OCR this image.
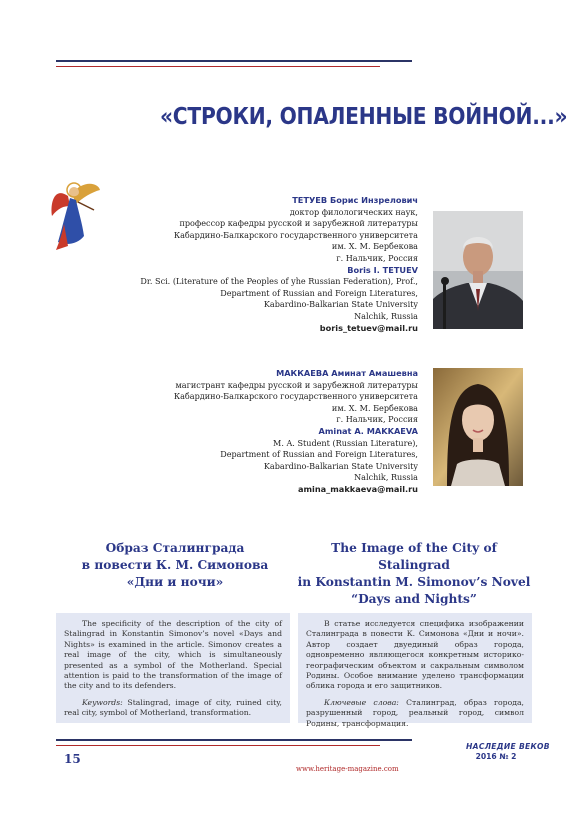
«СТРОКИ, ОПАЛЕННЫЕ ВОЙНОЙ...»
ТЕТУЕВ Борис Инзрелович
доктор филологических наук,
профессор кафедры русской и зарубежной литературы
Кабардино-Балкарского государственного университета
им. Х. М. Бербекова
г. Нальчик, Россия
Boris I. TETUEV
Dr. Sci. (Literature of the Peoples of yhe Russian Federation), Prof.,
Department of Russian and Foreign Literatures,
Kabardino-Balkarian State University
Nalchik, Russia
boris_tetuev@mail.ru
МАККАЕВА Аминат Амашевна
магистрант кафедры русской и зарубежной литературы
Кабардино-Балкарского государственного университета
им. Х. М. Бербекова
г. Нальчик, Россия
Aminat A. MAKKAEVA
M. A. Student (Russian Literature),
Department of Russian and Foreign Literatures,
Kabardino-Balkarian State University
Nalchik, Russia
amina_makkaeva@mail.ru
Образ Сталинграда
в повести К. М. Симонова
«Дни и ночи»
The Image of the City of Stalingrad
in Konstantin M. Simonov’s Novel
“Days and Nights”

The specificity of the description of the city of Stalingrad in Konstantin Simonov’s novel «Days and Nights» is examined in the article. Simonov creates a real image of the city, which is simultaneously presented as a symbol of the Motherland. Special attention is paid to the transformation of the image of the city and to its defenders.

Keywords: Stalingrad, image of city, ruined city, real city, symbol of Motherland, transformation.

В статье исследуется специфика изображении Сталинграда в повести К. Симонова «Дни и ночи». Автор создает двуединый образ города, одновременно являющегося конкретным историко-географическим объектом и сакральным символом Родины. Особое внимание уделено трансформации облика города и его защитников.

Ключевые слова: Сталинград, образ города, разрушенный город, реальный город, символ Родины, трансформация.

15
www.heritage-magazine.com
НАСЛЕДИЕ ВЕКОВ
2016 № 2
